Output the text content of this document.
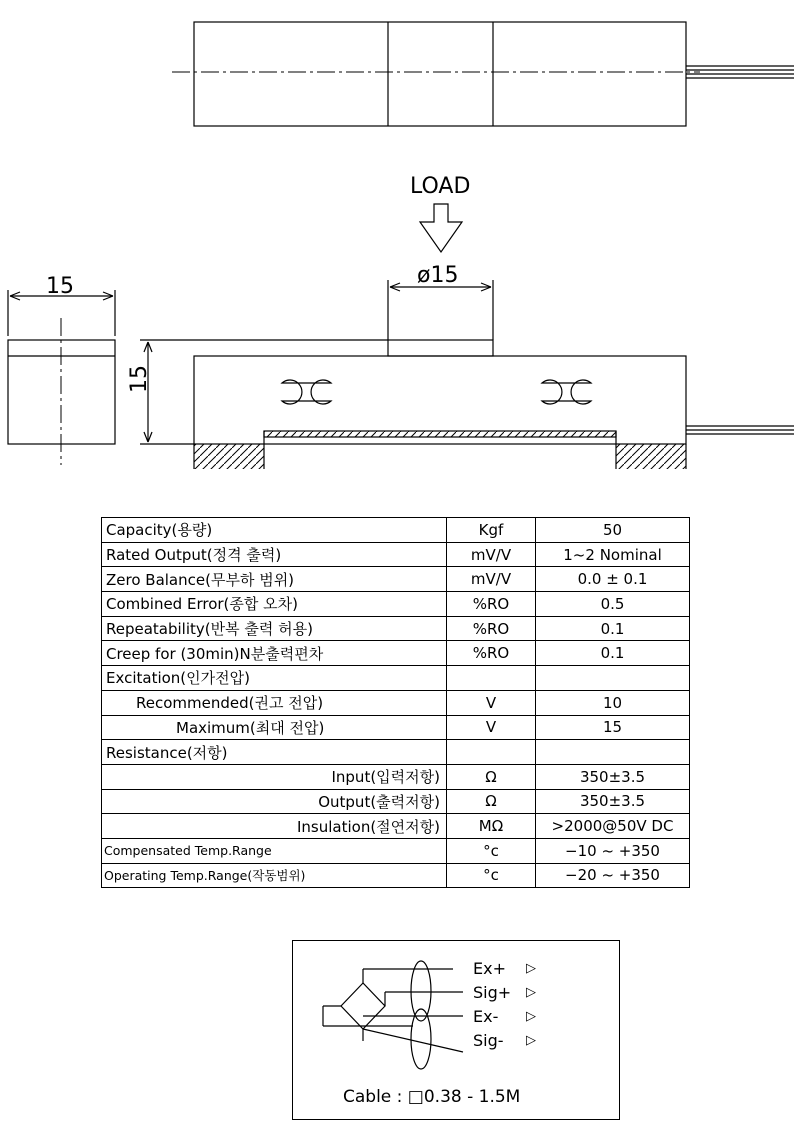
LOAD
15	ø15
15
Capacity(용량)	Kgf	50
Rated Output(정격 출력)	mV/V	1~2 Nominal
Zero Balance(무부하 범위)	mV/V	0.0 ± 0.1
Combined Error(종합 오차)	%RO	0.5
Repeatability(반복 출력 허용)	%RO	0.1
Creep for (30min)N분출력편차	%RO	0.1
Excitation(인가전압)		
Recommended(권고 전압)	V	10
Maximum(최대 전압)	V	15
Resistance(저항)		
Input(입력저항)	Ω	350±3.5
Output(출력저항)	Ω	350±3.5
Insulation(절연저항)	MΩ	>2000@50V DC
Compensated Temp.Range	°c	−10 ~ +350
Operating Temp.Range(작동범위)	°c	−20 ~ +350
Ex+ ▷
Sig+ ▷
Ex- ▷
Sig- ▷
Cable : □0.38 - 1.5M
